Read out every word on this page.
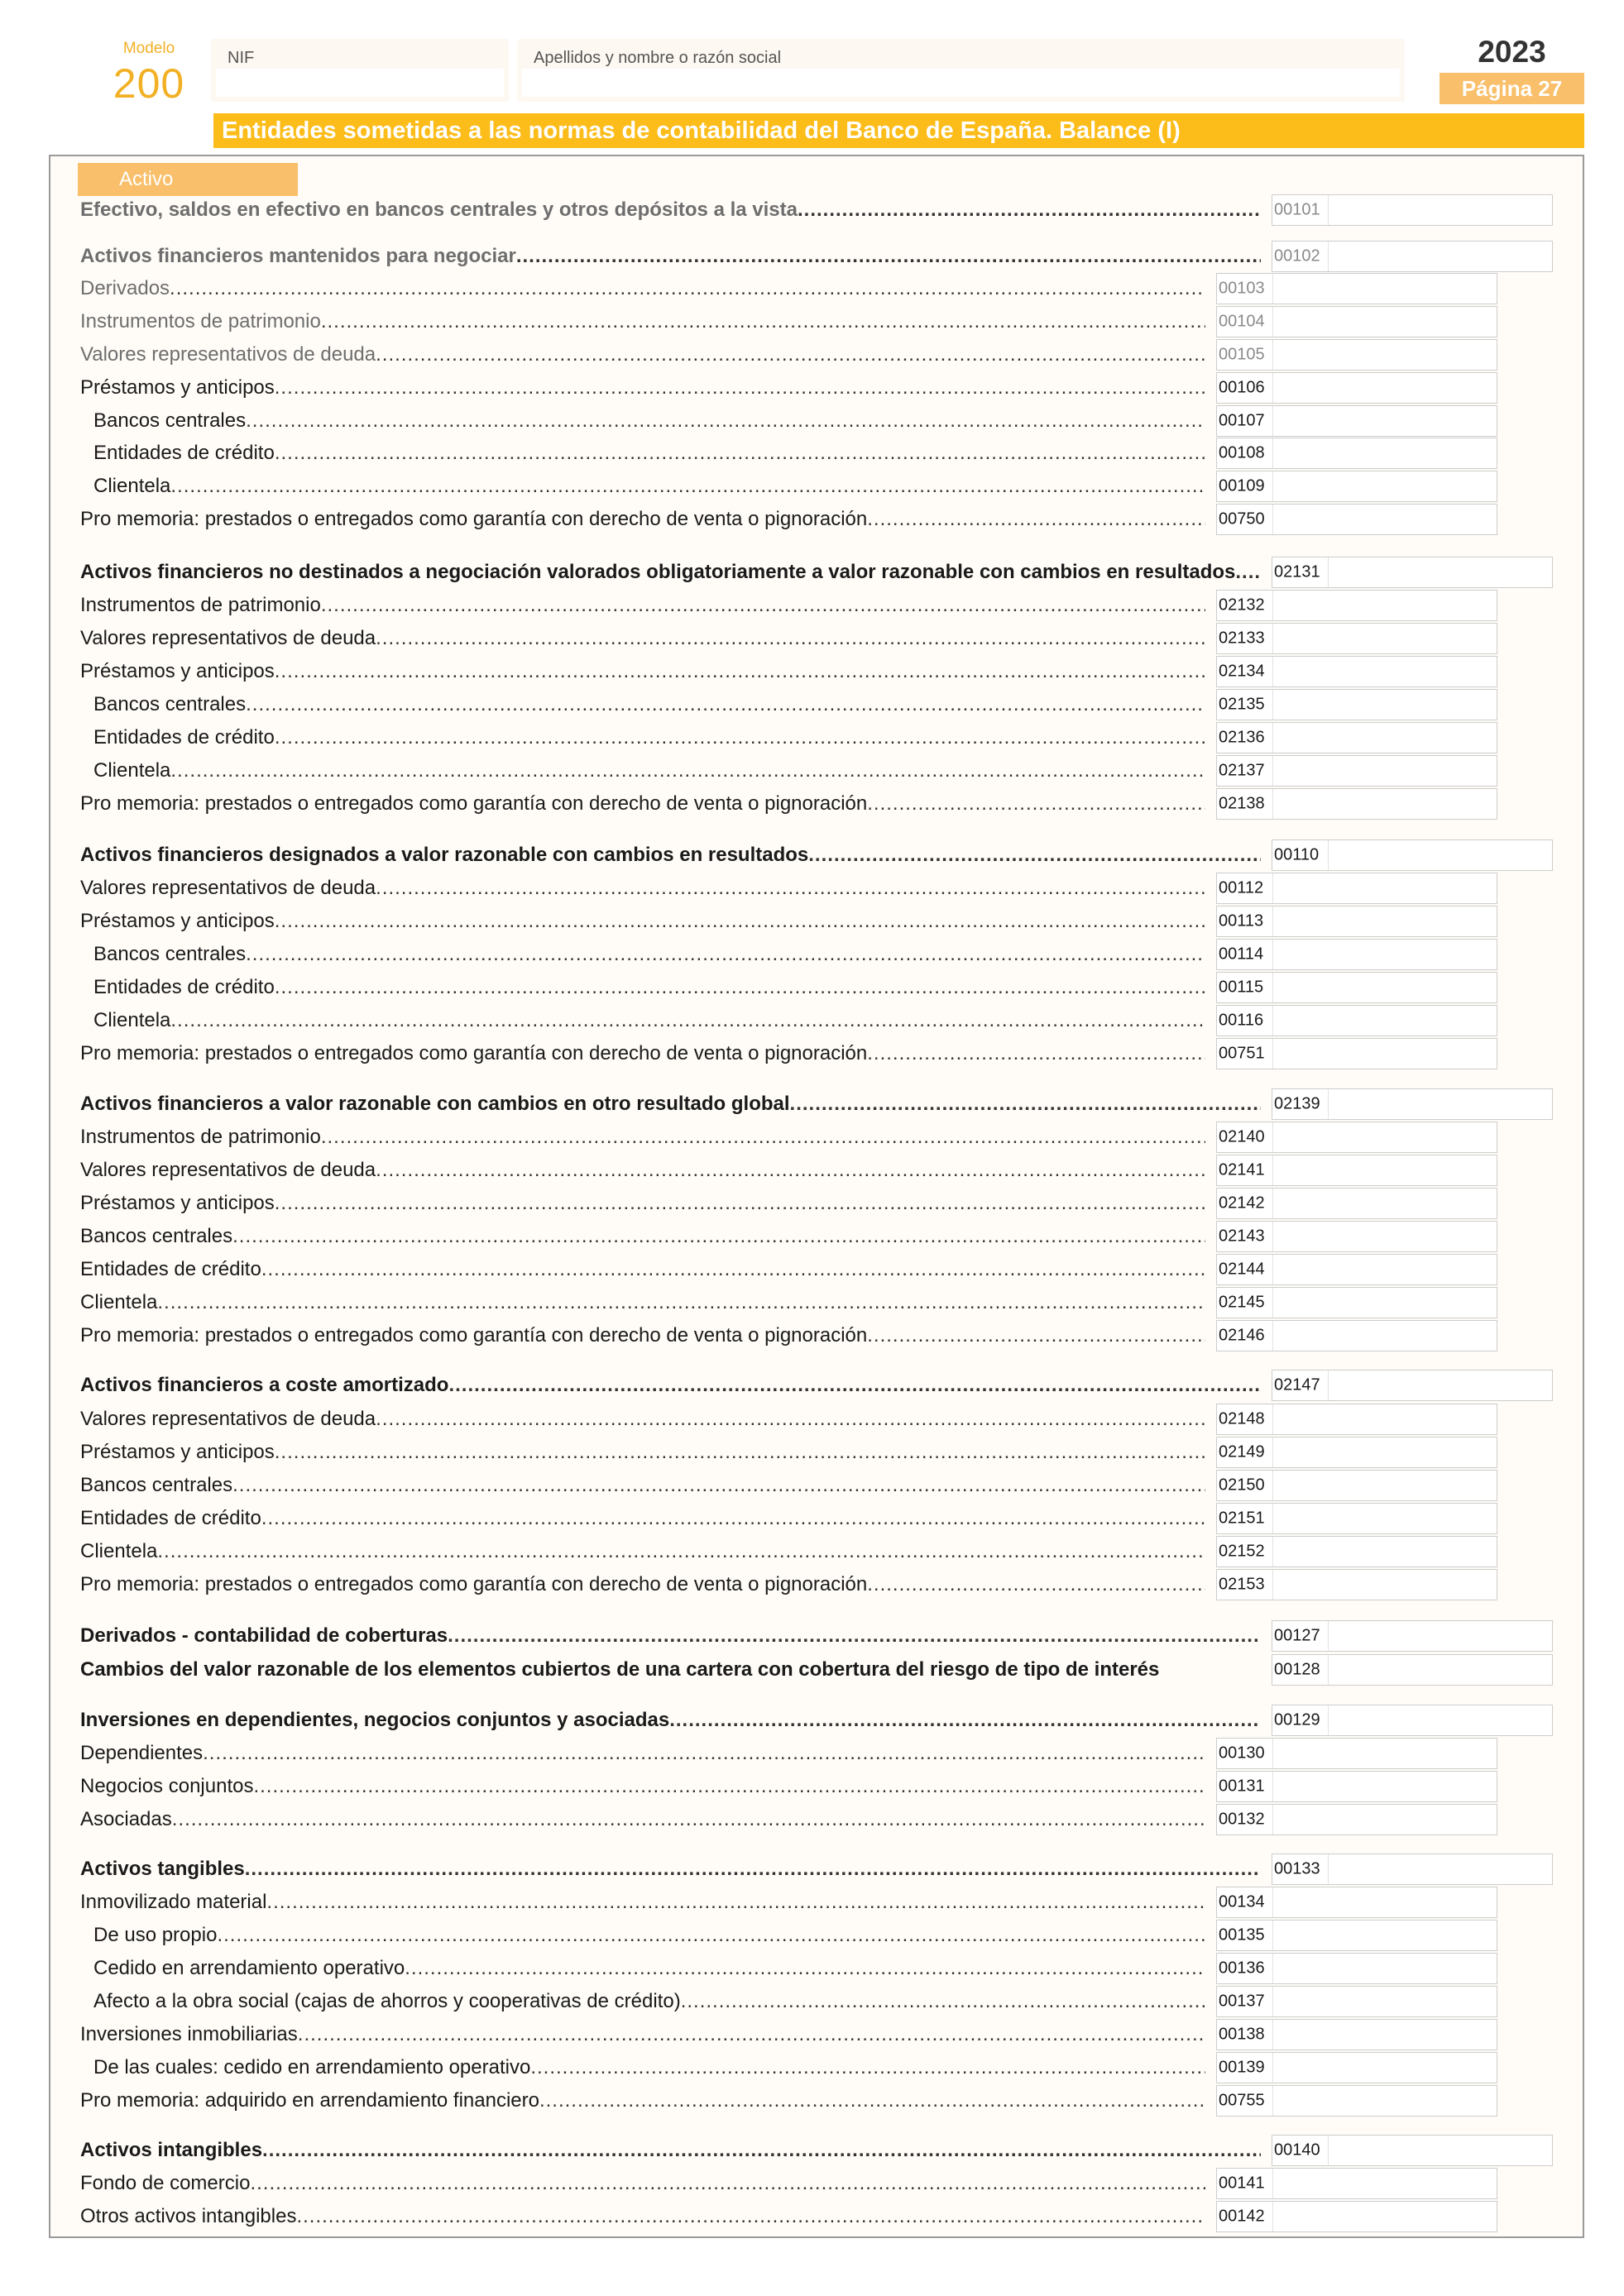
Modelo
200
NIF	Apellidos y nombre o razón social	2023
Página 27
Entidades sometidas a las normas de contabilidad del Banco de España. Balance (I)
Activo
Efectivo, saldos en efectivo en bancos centrales y otros depósitos a la vista .....	00101
Activos financieros mantenidos para negociar .....	00102
Derivados .....	00103
Instrumentos de patrimonio .....	00104
Valores representativos de deuda .....	00105
Préstamos y anticipos .....	00106
Bancos centrales .....	00107
Entidades de crédito .....	00108
Clientela .....	00109
Pro memoria: prestados o entregados como garantía con derecho de venta o pignoración .....	00750
Activos financieros no destinados a negociación valorados obligatoriamente a valor razonable con cambios en resultados ..... 02131
Instrumentos de patrimonio .....	02132
Valores representativos de deuda .....	02133
Préstamos y anticipos .....	02134
Bancos centrales .....	02135
Entidades de crédito .....	02136
Clientela .....	02137
Pro memoria: prestados o entregados como garantía con derecho de venta o pignoración .....	02138
Activos financieros designados a valor razonable con cambios en resultados .....	00110
Valores representativos de deuda .....	00112
Préstamos y anticipos .....	00113
Bancos centrales .....	00114
Entidades de crédito .....	00115
Clientela .....	00116
Pro memoria: prestados o entregados como garantía con derecho de venta o pignoración .....	00751
Activos financieros a valor razonable con cambios en otro resultado global .....	02139
Instrumentos de patrimonio .....	02140
Valores representativos de deuda .....	02141
Préstamos y anticipos .....	02142
Bancos centrales .....	02143
Entidades de crédito .....	02144
Clientela .....	02145
Pro memoria: prestados o entregados como garantía con derecho de venta o pignoración .....	02146
Activos financieros a coste amortizado .....	02147
Valores representativos de deuda .....	02148
Préstamos y anticipos .....	02149
Bancos centrales .....	02150
Entidades de crédito .....	02151
Clientela .....	02152
Pro memoria: prestados o entregados como garantía con derecho de venta o pignoración .....	02153
Derivados - contabilidad de coberturas .....	00127
Cambios del valor razonable de los elementos cubiertos de una cartera con cobertura del riesgo de tipo de interés	00128
Inversiones en dependientes, negocios conjuntos y asociadas .....	00129
Dependientes .....	00130
Negocios conjuntos .....	00131
Asociadas .....	00132
Activos tangibles .....	00133
Inmovilizado material .....	00134
De uso propio .....	00135
Cedido en arrendamiento operativo .....	00136
Afecto a la obra social (cajas de ahorros y cooperativas de crédito) .....	00137
Inversiones inmobiliarias .....	00138
De las cuales: cedido en arrendamiento operativo .....	00139
Pro memoria: adquirido en arrendamiento financiero .....	00755
Activos intangibles .....	00140
Fondo de comercio .....	00141
Otros activos intangibles .....	00142
